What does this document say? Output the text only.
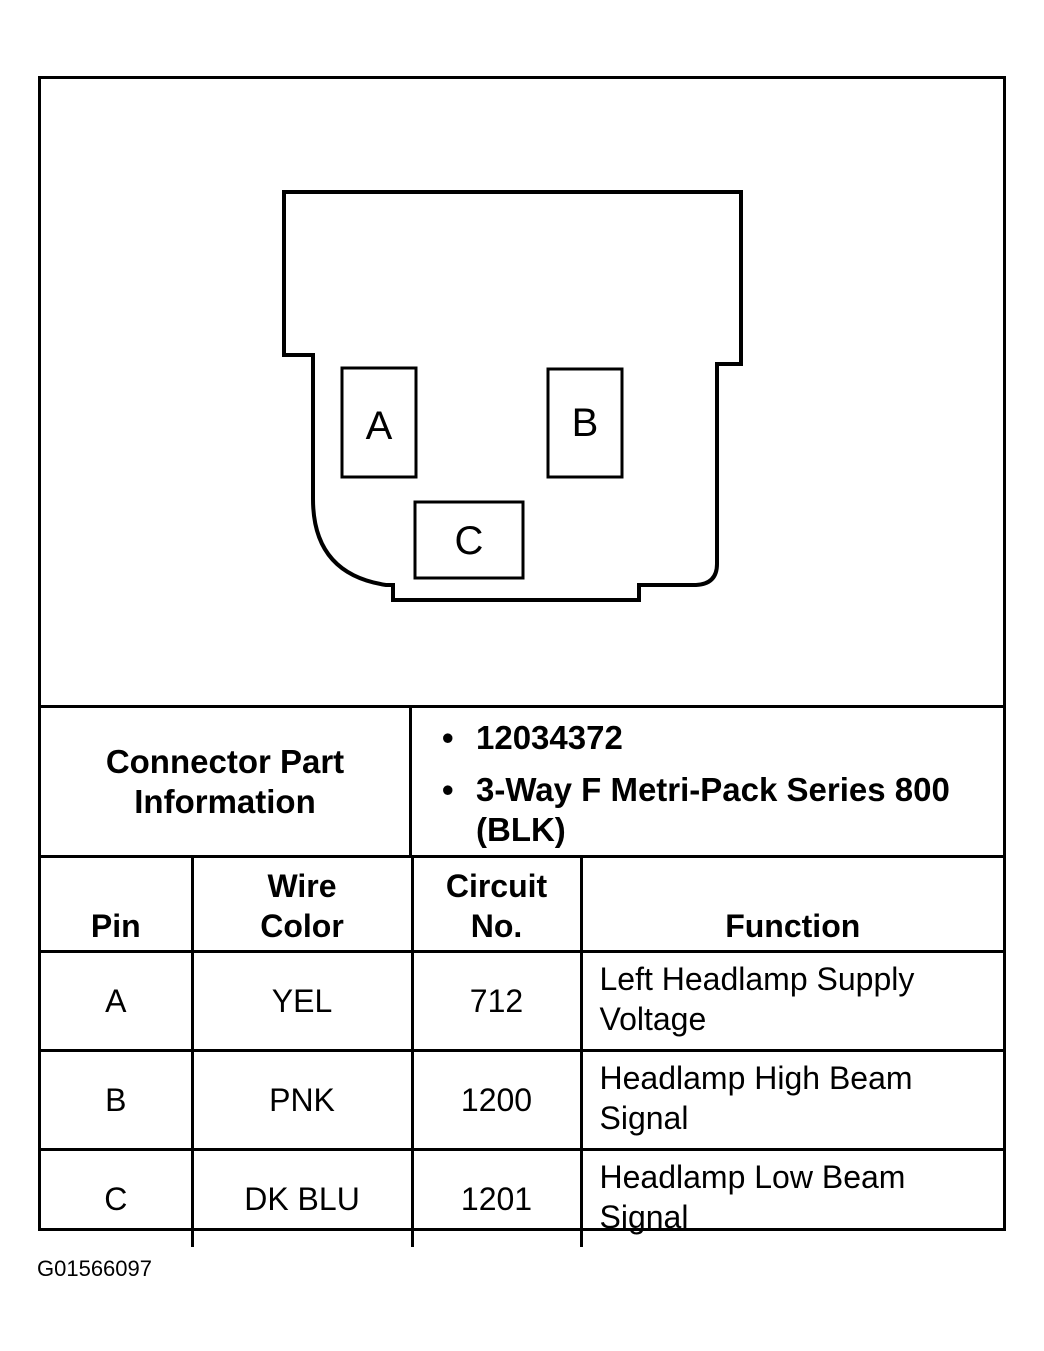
A	B
C
Connector Part Information
• 12034372
• 3-Way F Metri-Pack Series 800 (BLK)
Pin	Wire Color	Circuit No.	Function
A	YEL	712	Left Headlamp Supply Voltage
B	PNK	1200	Headlamp High Beam Signal
C	DK BLU	1201	Headlamp Low Beam Signal
G01566097
